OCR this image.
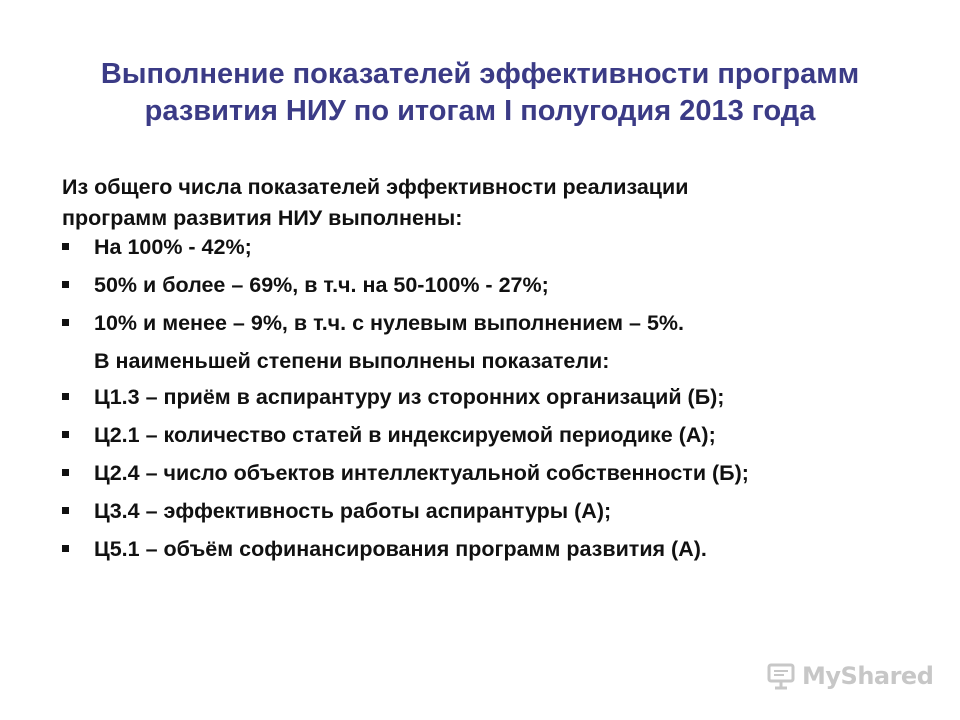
Выполнение показателей эффективности программ
развития НИУ по итогам I полугодия 2013 года

Из общего числа показателей эффективности реализации
программ развития НИУ выполнены:

На 100% - 42%;
50% и более – 69%, в т.ч. на 50-100% - 27%;
10% и менее – 9%, в т.ч. с нулевым выполнением – 5%.
В наименьшей степени выполнены показатели:
Ц1.3 – приём в аспирантуру из сторонних организаций (Б);
Ц2.1 – количество статей в индексируемой периодике (А);
Ц2.4 – число объектов интеллектуальной собственности (Б);
Ц3.4 – эффективность работы аспирантуры (А);
Ц5.1 – объём софинансирования программ развития (А).
MyShared
